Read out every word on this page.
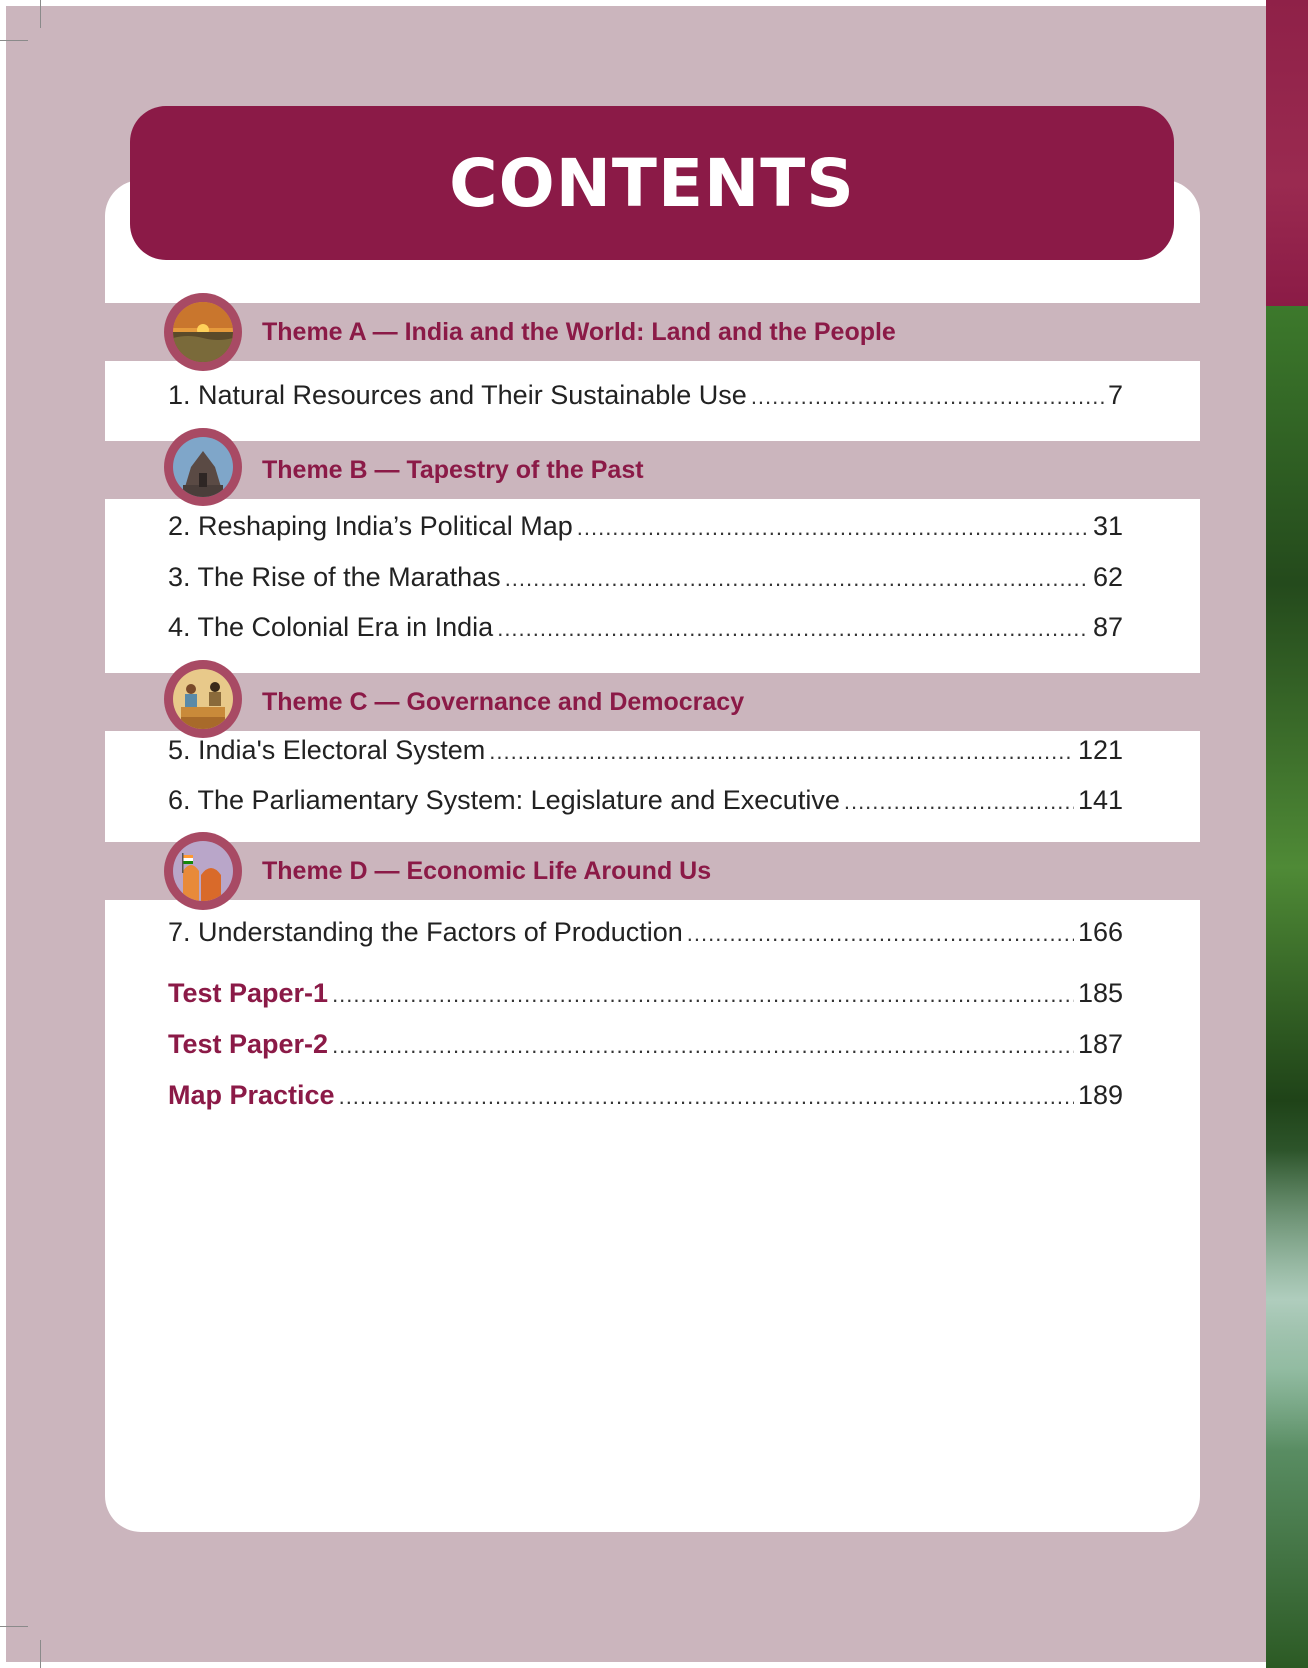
CONTENTS
Theme A — India and the World: Land and the People
1. Natural Resources and Their Sustainable Use .....	7
Theme B — Tapestry of the Past
2. Reshaping India’s Political Map .....	31
3. The Rise of the Marathas .....	62
4. The Colonial Era in India .....	87
Theme C — Governance and Democracy
5. India's Electoral System .....	121
6. The Parliamentary System: Legislature and Executive .....	141
Theme D — Economic Life Around Us
7. Understanding the Factors of Production .....	166
Test Paper-1 .....	185
Test Paper-2 .....	187
Map Practice .....	189
